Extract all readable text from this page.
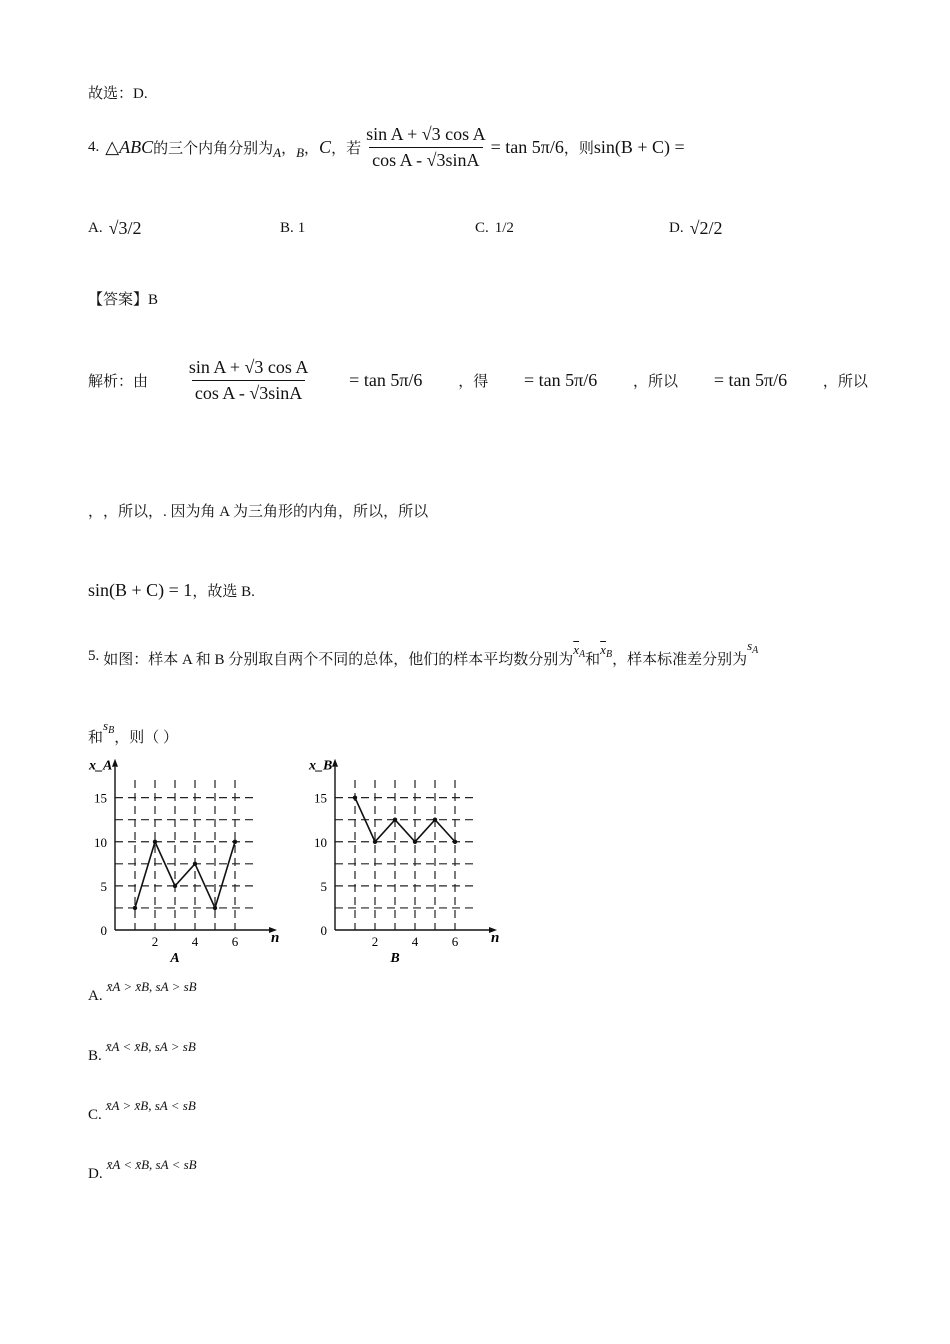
故选：D.
4. △ABC 的三个内角分别为 A ， B ， C ，若 $\frac{\text{sin A + √3 cos A}}{\text{cos A - √3sinA}} = \tan 5\pi/6$ ，则 sin(B + C) =
A. √3/2	B. 1	C. 1/2	D. √2/2
【答案】B
解析：由 $\frac{\text{sin A + √3 cos A}}{\text{cos A - √3sinA}} = \tan 5\pi/6$ ，得 = tan 5π/6 ，所以 = tan 5π/6 ，所以
， ，所以 ， . 因为角 A 为三角形的内角，所以 ，所以
sin(B + C) = 1 ，故选 B.
5. 如图：样本 A 和 B 分别取自两个不同的总体，他们的样本平均数分别为
$\overline{x}_A$ 和
$\overline{x}_B$ ，样本标准差分别为
$s_A$
和
$s_B$ ，则（ ）
0
5
10
15
2	4	6 n
x_A
A
0
5
10
15
2	4	6 n
x_B
B
A.
x̄A > x̄B, sA > sB
B.
x̄A < x̄B, sA > sB
C.
x̄A > x̄B, sA < sB
D.
x̄A < x̄B, sA < sB
